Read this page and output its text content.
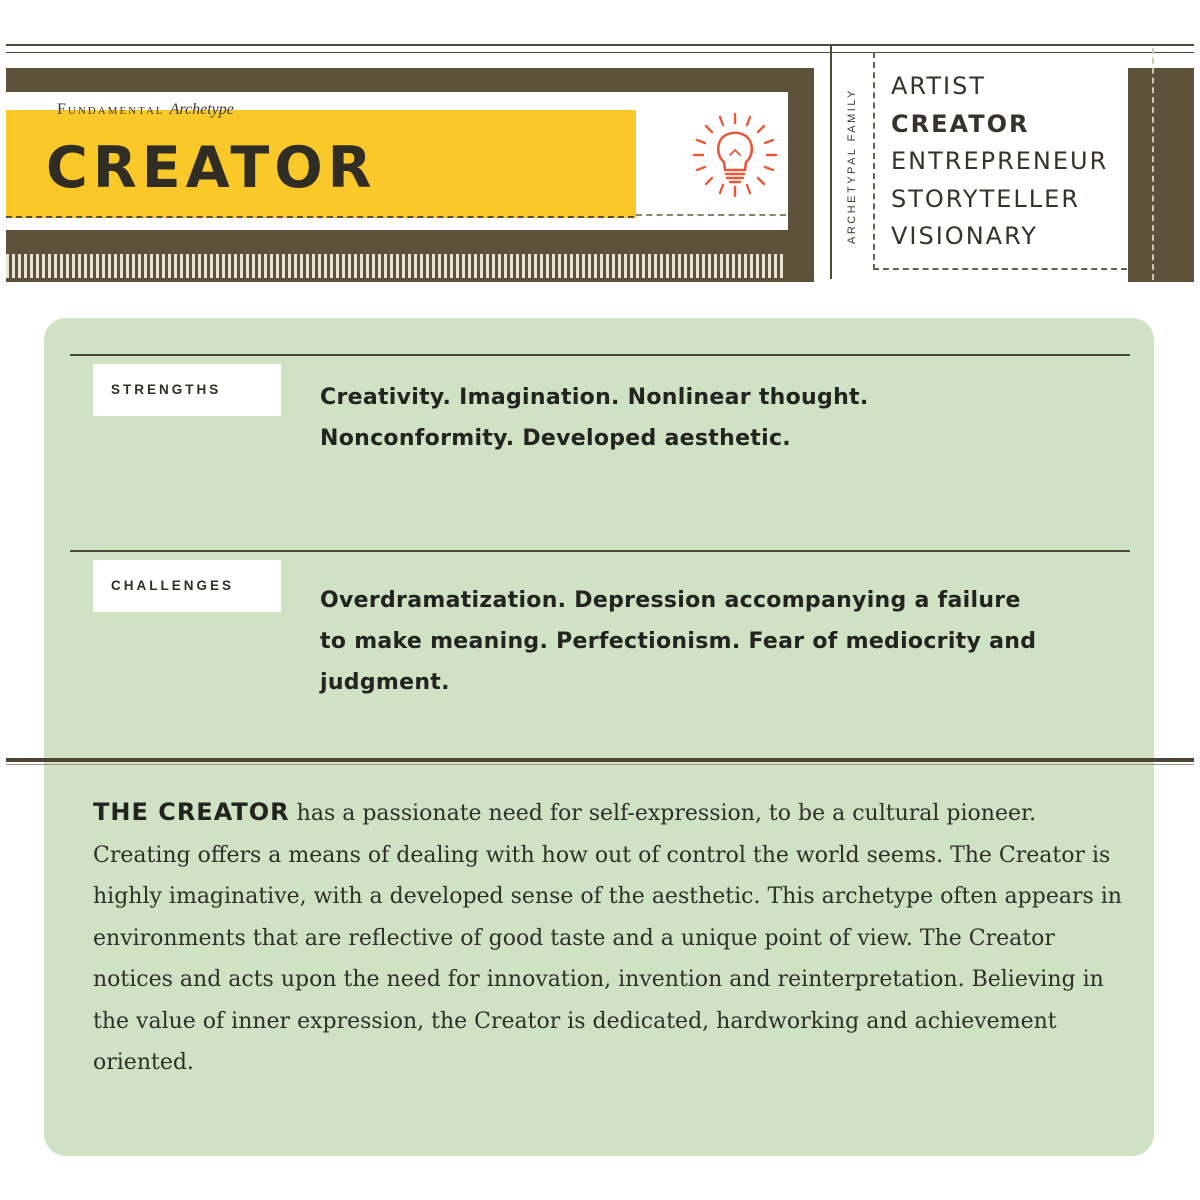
Fundamental Archetype
CREATOR	ARCHETYPAL FAMILY
ARTIST
CREATOR
ENTREPRENEUR
STORYTELLER
VISIONARY
STRENGTHS	Creativity. Imagination. Nonlinear thought. Nonconformity. Developed aesthetic.
CHALLENGES
Overdramatization. Depression accompanying a failure to make meaning. Perfectionism. Fear of mediocrity and judgment.
THE CREATOR has a passionate need for self-expression, to be a cultural pioneer. Creating offers a means of dealing with how out of control the world seems. The Creator is highly imaginative, with a developed sense of the aesthetic. This archetype often appears in environments that are reflective of good taste and a unique point of view. The Creator notices and acts upon the need for innovation, invention and reinterpretation. Believing in the value of inner expression, the Creator is dedicated, hardworking and achievement oriented.
